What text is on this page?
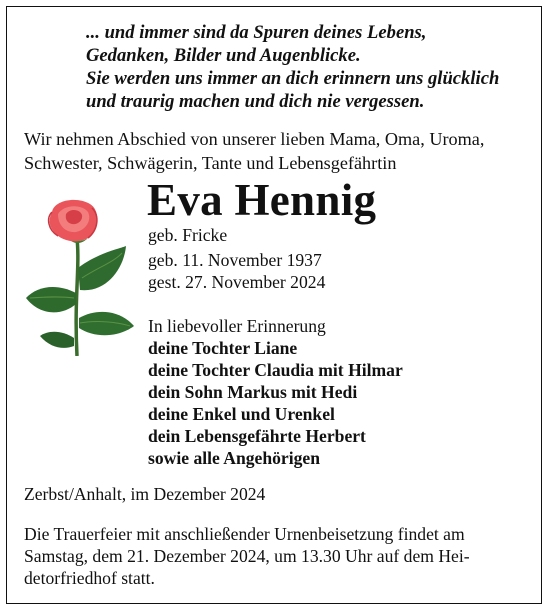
... und immer sind da Spuren deines Lebens,
Gedanken, Bilder und Augenblicke.
Sie werden uns immer an dich erinnern uns glücklich
und traurig machen und dich nie vergessen.
Wir nehmen Abschied von unserer lieben Mama, Oma, Uroma,
Schwester, Schwägerin, Tante und Lebensgefährtin
Eva Hennig
geb. Fricke
geb. 11. November 1937
gest. 27. November 2024
In liebevoller Erinnerung
deine Tochter Liane
deine Tochter Claudia mit Hilmar
dein Sohn Markus mit Hedi
deine Enkel und Urenkel
dein Lebensgefährte Herbert
sowie alle Angehörigen
Zerbst/Anhalt, im Dezember 2024
Die Trauerfeier mit anschließender Urnenbeisetzung findet am
Samstag, dem 21. Dezember 2024, um 13.30 Uhr auf dem Hei-
detorfriedhof statt.
